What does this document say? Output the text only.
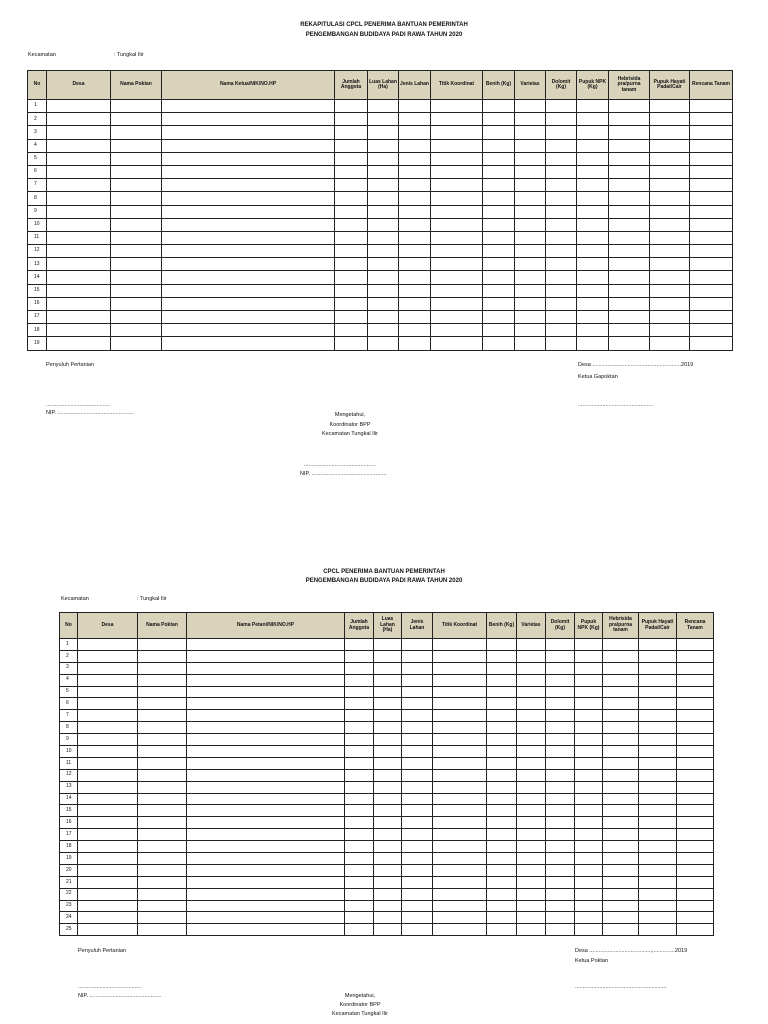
REKAPITULASI CPCL PENERIMA BANTUAN PEMERINTAH
PENGEMBANGAN BUDIDAYA PADI RAWA TAHUN 2020
Kecamatan	: Tungkal Ilir
No	Desa	Nama Poktan	Nama Ketua/NIK/NO.HP	Jumlah Anggota	Luas Lahan (Ha)	Jenis Lahan	Titik Koordinat	Benih (Kg)	Varietas	Dolomit (Kg)	Pupuk NPK (Kg)	Hebrisida pra/purna tanam	Pupuk Hayati Padat/Cair	Rencana Tanam
1														
2														
3														
4														
5														
6														
7														
8														
9														
10														
11														
12														
13														
14														
15														
16														
17														
18														
19														
Penyuluh Pertanian	Desa ..........................................,...............2019
Ketua Gapoktan
..........................................
NIP. ..................................................
.................................................
Mengetahui,
Koordinator BPP
Kecamatan Tungkal Ilir
...............................................
NIP. .................................................
CPCL PENERIMA BANTUAN PEMERINTAH
PENGEMBANGAN BUDIDAYA PADI RAWA TAHUN 2020
Kecamatan	: Tungkal Ilir
No	Desa	Nama Poktan	Nama Petani/NIK/NO.HP	Jumlah Anggota	Luas Lahan (Ha)	Jenis Lahan	Titik Koordinat	Benih (Kg)	Varietas	Dolomit (Kg)	Pupuk NPK (Kg)	Hebrisida pra/purna tanam	Pupuk Hayati Padat/Cair	Rencana Tanam
1														
2														
3														
4														
5														
6														
7														
8														
9														
10														
11														
12														
13														
14														
15														
16														
17														
18														
19														
20														
21														
22														
23														
24														
25														
Penyuluh Pertanian	Desa .........................................,..............2019
Ketua Poktan
..........................................
NIP. ...............................................
............................................................
Mengetahui,
Koordinator BPP
Kecamatan Tungkal Ilir
